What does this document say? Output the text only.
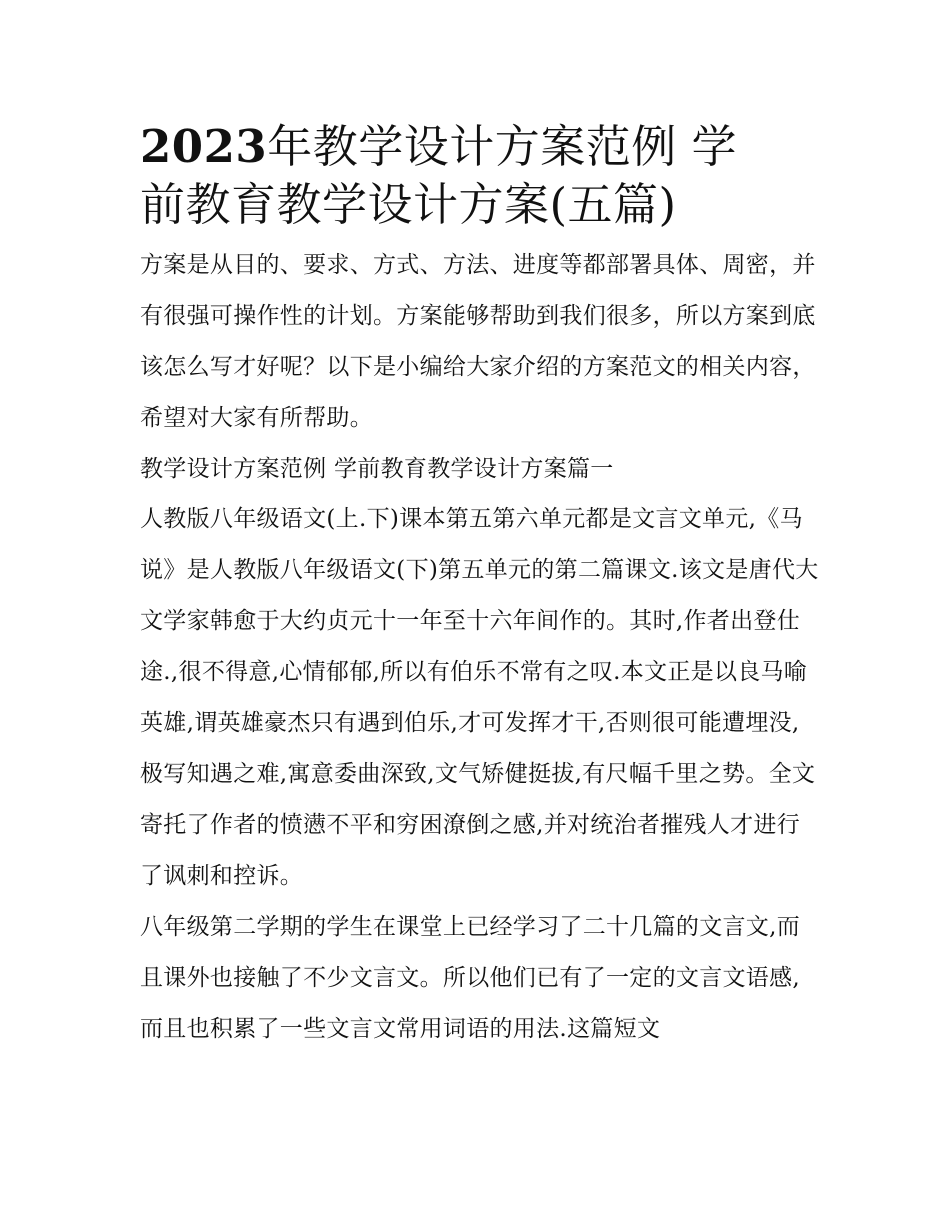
2023年教学设计方案范例 学前教育教学设计方案(五篇)

方案是从目的、要求、方式、方法、进度等都部署具体、周密，并有很强可操作性的计划。方案能够帮助到我们很多，所以方案到底该怎么写才好呢？以下是小编给大家介绍的方案范文的相关内容，希望对大家有所帮助。

教学设计方案范例 学前教育教学设计方案篇一

人教版八年级语文(上.下)课本第五第六单元都是文言文单元,《马说》是人教版八年级语文(下)第五单元的第二篇课文.该文是唐代大文学家韩愈于大约贞元十一年至十六年间作的。其时,作者出登仕途.,很不得意,心情郁郁,所以有伯乐不常有之叹.本文正是以良马喻英雄,谓英雄豪杰只有遇到伯乐,才可发挥才干,否则很可能遭埋没,极写知遇之难,寓意委曲深致,文气矫健挺拔,有尺幅千里之势。全文寄托了作者的愤懑不平和穷困潦倒之感,并对统治者摧残人才进行了讽刺和控诉。

八年级第二学期的学生在课堂上已经学习了二十几篇的文言文,而且课外也接触了不少文言文。所以他们已有了一定的文言文语感,而且也积累了一些文言文常用词语的用法.这篇短文
